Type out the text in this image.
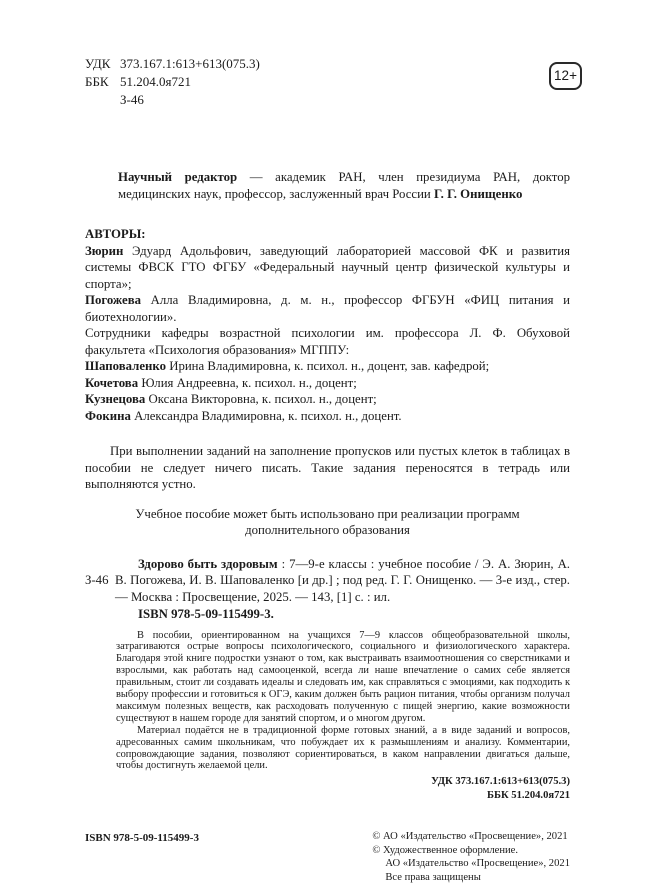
УДК 373.167.1:613+613(075.3)
ББК 51.204.0я721
З-46
12+

Научный редактор — академик РАН, член президиума РАН, доктор медицинских наук, профессор, заслуженный врач России Г. Г. Онищенко

АВТОРЫ:

Зюрин Эдуард Адольфович, заведующий лабораторией массовой ФК и развития системы ФВСК ГТО ФГБУ «Федеральный научный центр физической культуры и спорта»;

Погожева Алла Владимировна, д. м. н., профессор ФГБУН «ФИЦ питания и биотехнологии».

Сотрудники кафедры возрастной психологии им. профессора Л. Ф. Обуховой факультета «Психология образования» МГППУ:

Шаповаленко Ирина Владимировна, к. психол. н., доцент, зав. кафедрой;

Кочетова Юлия Андреевна, к. психол. н., доцент;

Кузнецова Оксана Викторовна, к. психол. н., доцент;

Фокина Александра Владимировна, к. психол. н., доцент.

При выполнении заданий на заполнение пропусков или пустых клеток в таблицах в пособии не следует ничего писать. Такие задания переносятся в тетрадь или выполняются устно.

Учебное пособие может быть использовано при реализации программ дополнительного образования

З-46
Здорово быть здоровым : 7—9-е классы : учебное пособие / Э. А. Зюрин, А. В. Погожева, И. В. Шаповаленко [и др.] ; под ред. Г. Г. Онищенко. — 3-е изд., стер. — Москва : Просвещение, 2025. — 143, [1] с. : ил.
ISBN 978-5-09-115499-3.

В пособии, ориентированном на учащихся 7—9 классов общеобразовательной школы, затрагиваются острые вопросы психологического, социального и физиологического характера. Благодаря этой книге подростки узнают о том, как выстраивать взаимоотношения со сверстниками и взрослыми, как работать над самооценкой, всегда ли наше впечатление о самих себе является правильным, стоит ли создавать идеалы и следовать им, как справляться с эмоциями, как подходить к выбору профессии и готовиться к ОГЭ, каким должен быть рацион питания, чтобы организм получал максимум полезных веществ, как расходовать полученную с пищей энергию, какие возможности существуют в нашем городе для занятий спортом, и о многом другом.

Материал подаётся не в традиционной форме готовых знаний, а в виде заданий и вопросов, адресованных самим школьникам, что побуждает их к размышлениям и анализу. Комментарии, сопровождающие задания, позволяют сориентироваться, в каком направлении двигаться дальше, чтобы достигнуть желаемой цели.

УДК 373.167.1:613+613(075.3)
ББК 51.204.0я721
ISBN 978-5-09-115499-3	© АО «Издательство «Просвещение», 2021
© Художественное оформление.
АО «Издательство «Просвещение», 2021
Все права защищены
